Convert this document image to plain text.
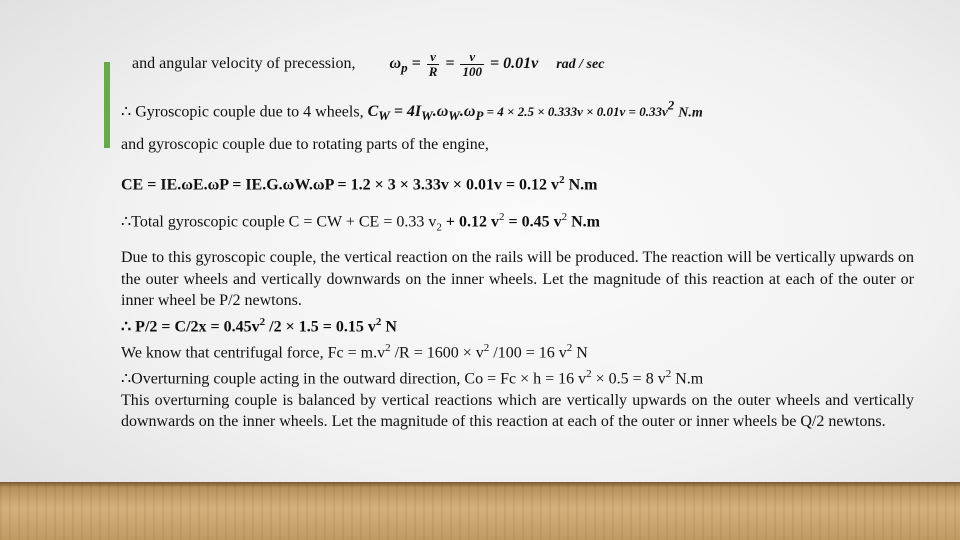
and angular velocity of precession, $\omega_p = \frac{v}{R} = \frac{v}{100} = 0.01v$ rad / sec
∴ Gyroscopic couple due to 4 wheels, $C_W = 4I_W.\omega_W.\omega_P = 4 \times 2.5 \times 0.333v \times 0.01v = 0.33v^2$ N.m
and gyroscopic couple due to rotating parts of the engine,
CE = IE.ωE.ωP = IE.G.ωW.ωP = 1.2 × 3 × 3.33v × 0.01v = 0.12 $v^2$ N.m
∴Total gyroscopic couple C = CW + CE = 0.33 $v_2 + 0.12$ $v^2 = 0.45$ $v^2$ N.m
Due to this gyroscopic couple, the vertical reaction on the rails will be produced. The reaction will be vertically upwards on the outer wheels and vertically downwards on the inner wheels. Let the magnitude of this reaction at each of the outer or inner wheel be P/2 newtons.
∴ $P/2 = C/2x = 0.45v^2$ /2 × 1.5 = 0.15 $v^2$ N
We know that centrifugal force, $Fc = m.v^2$ $/R = 1600 \times v^2$ /100 = 16 $v^2$ N
∴Overturning couple acting in the outward direction, Co = Fc × h = 16 $v^2 \times 0.5 = 8$ $v^2$ N.m
This overturning couple is balanced by vertical reactions which are vertically upwards on the outer wheels and vertically downwards on the inner wheels. Let the magnitude of this reaction at each of the outer or inner wheels be Q/2 newtons.
